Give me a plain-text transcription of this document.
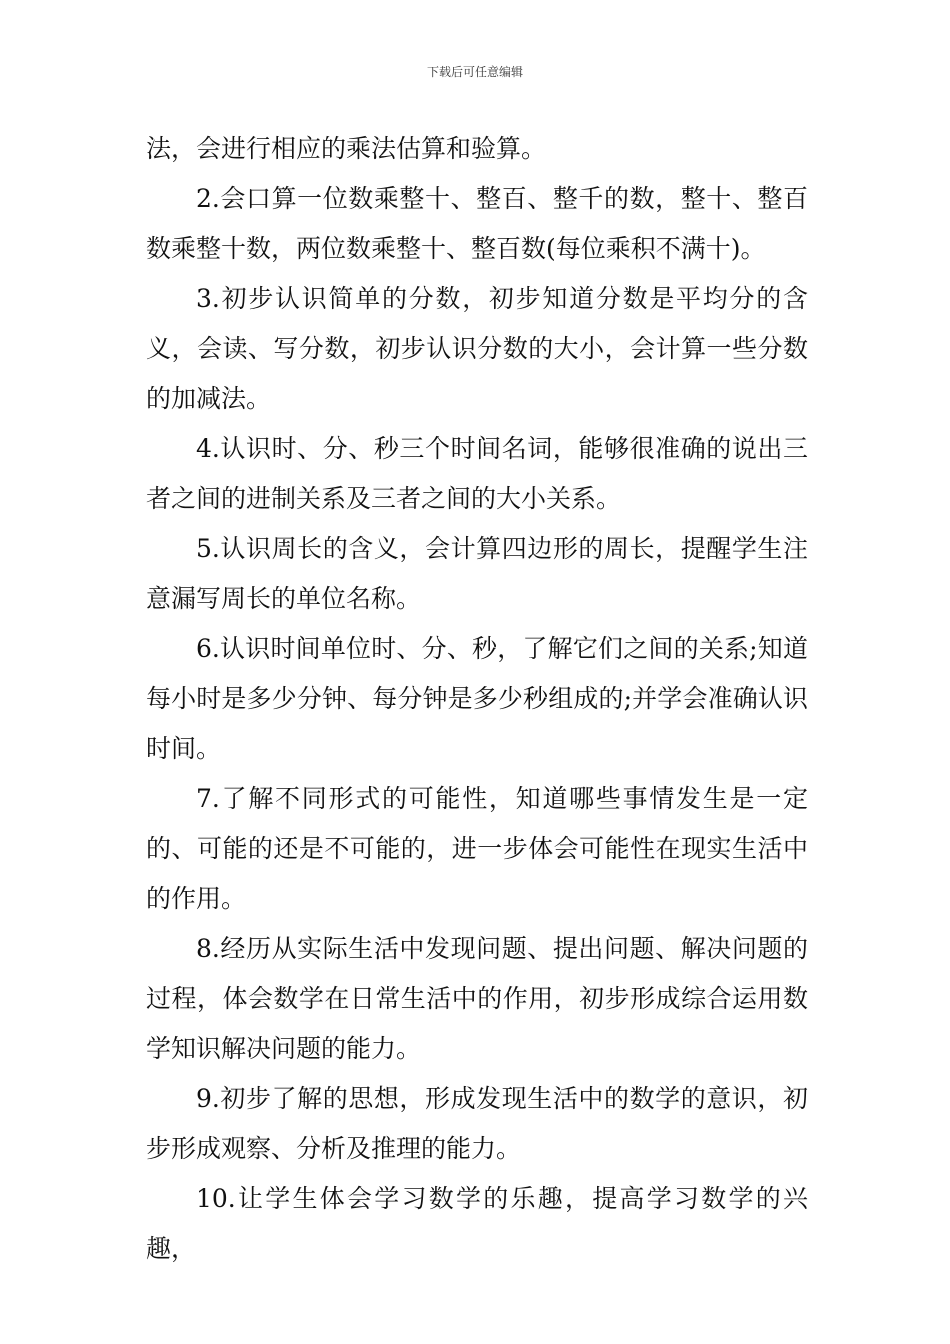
下载后可任意编辑

法，会进行相应的乘法估算和验算。

2.会口算一位数乘整十、整百、整千的数，整十、整百数乘整十数，两位数乘整十、整百数(每位乘积不满十)。

3.初步认识简单的分数，初步知道分数是平均分的含义，会读、写分数，初步认识分数的大小，会计算一些分数的加减法。

4.认识时、分、秒三个时间名词，能够很准确的说出三者之间的进制关系及三者之间的大小关系。

5.认识周长的含义，会计算四边形的周长，提醒学生注意漏写周长的单位名称。

6.认识时间单位时、分、秒，了解它们之间的关系;知道每小时是多少分钟、每分钟是多少秒组成的;并学会准确认识时间。

7.了解不同形式的可能性，知道哪些事情发生是一定的、可能的还是不可能的，进一步体会可能性在现实生活中的作用。

8.经历从实际生活中发现问题、提出问题、解决问题的过程，体会数学在日常生活中的作用，初步形成综合运用数学知识解决问题的能力。

9.初步了解的思想，形成发现生活中的数学的意识，初步形成观察、分析及推理的能力。

10.让学生体会学习数学的乐趣，提高学习数学的兴趣，
